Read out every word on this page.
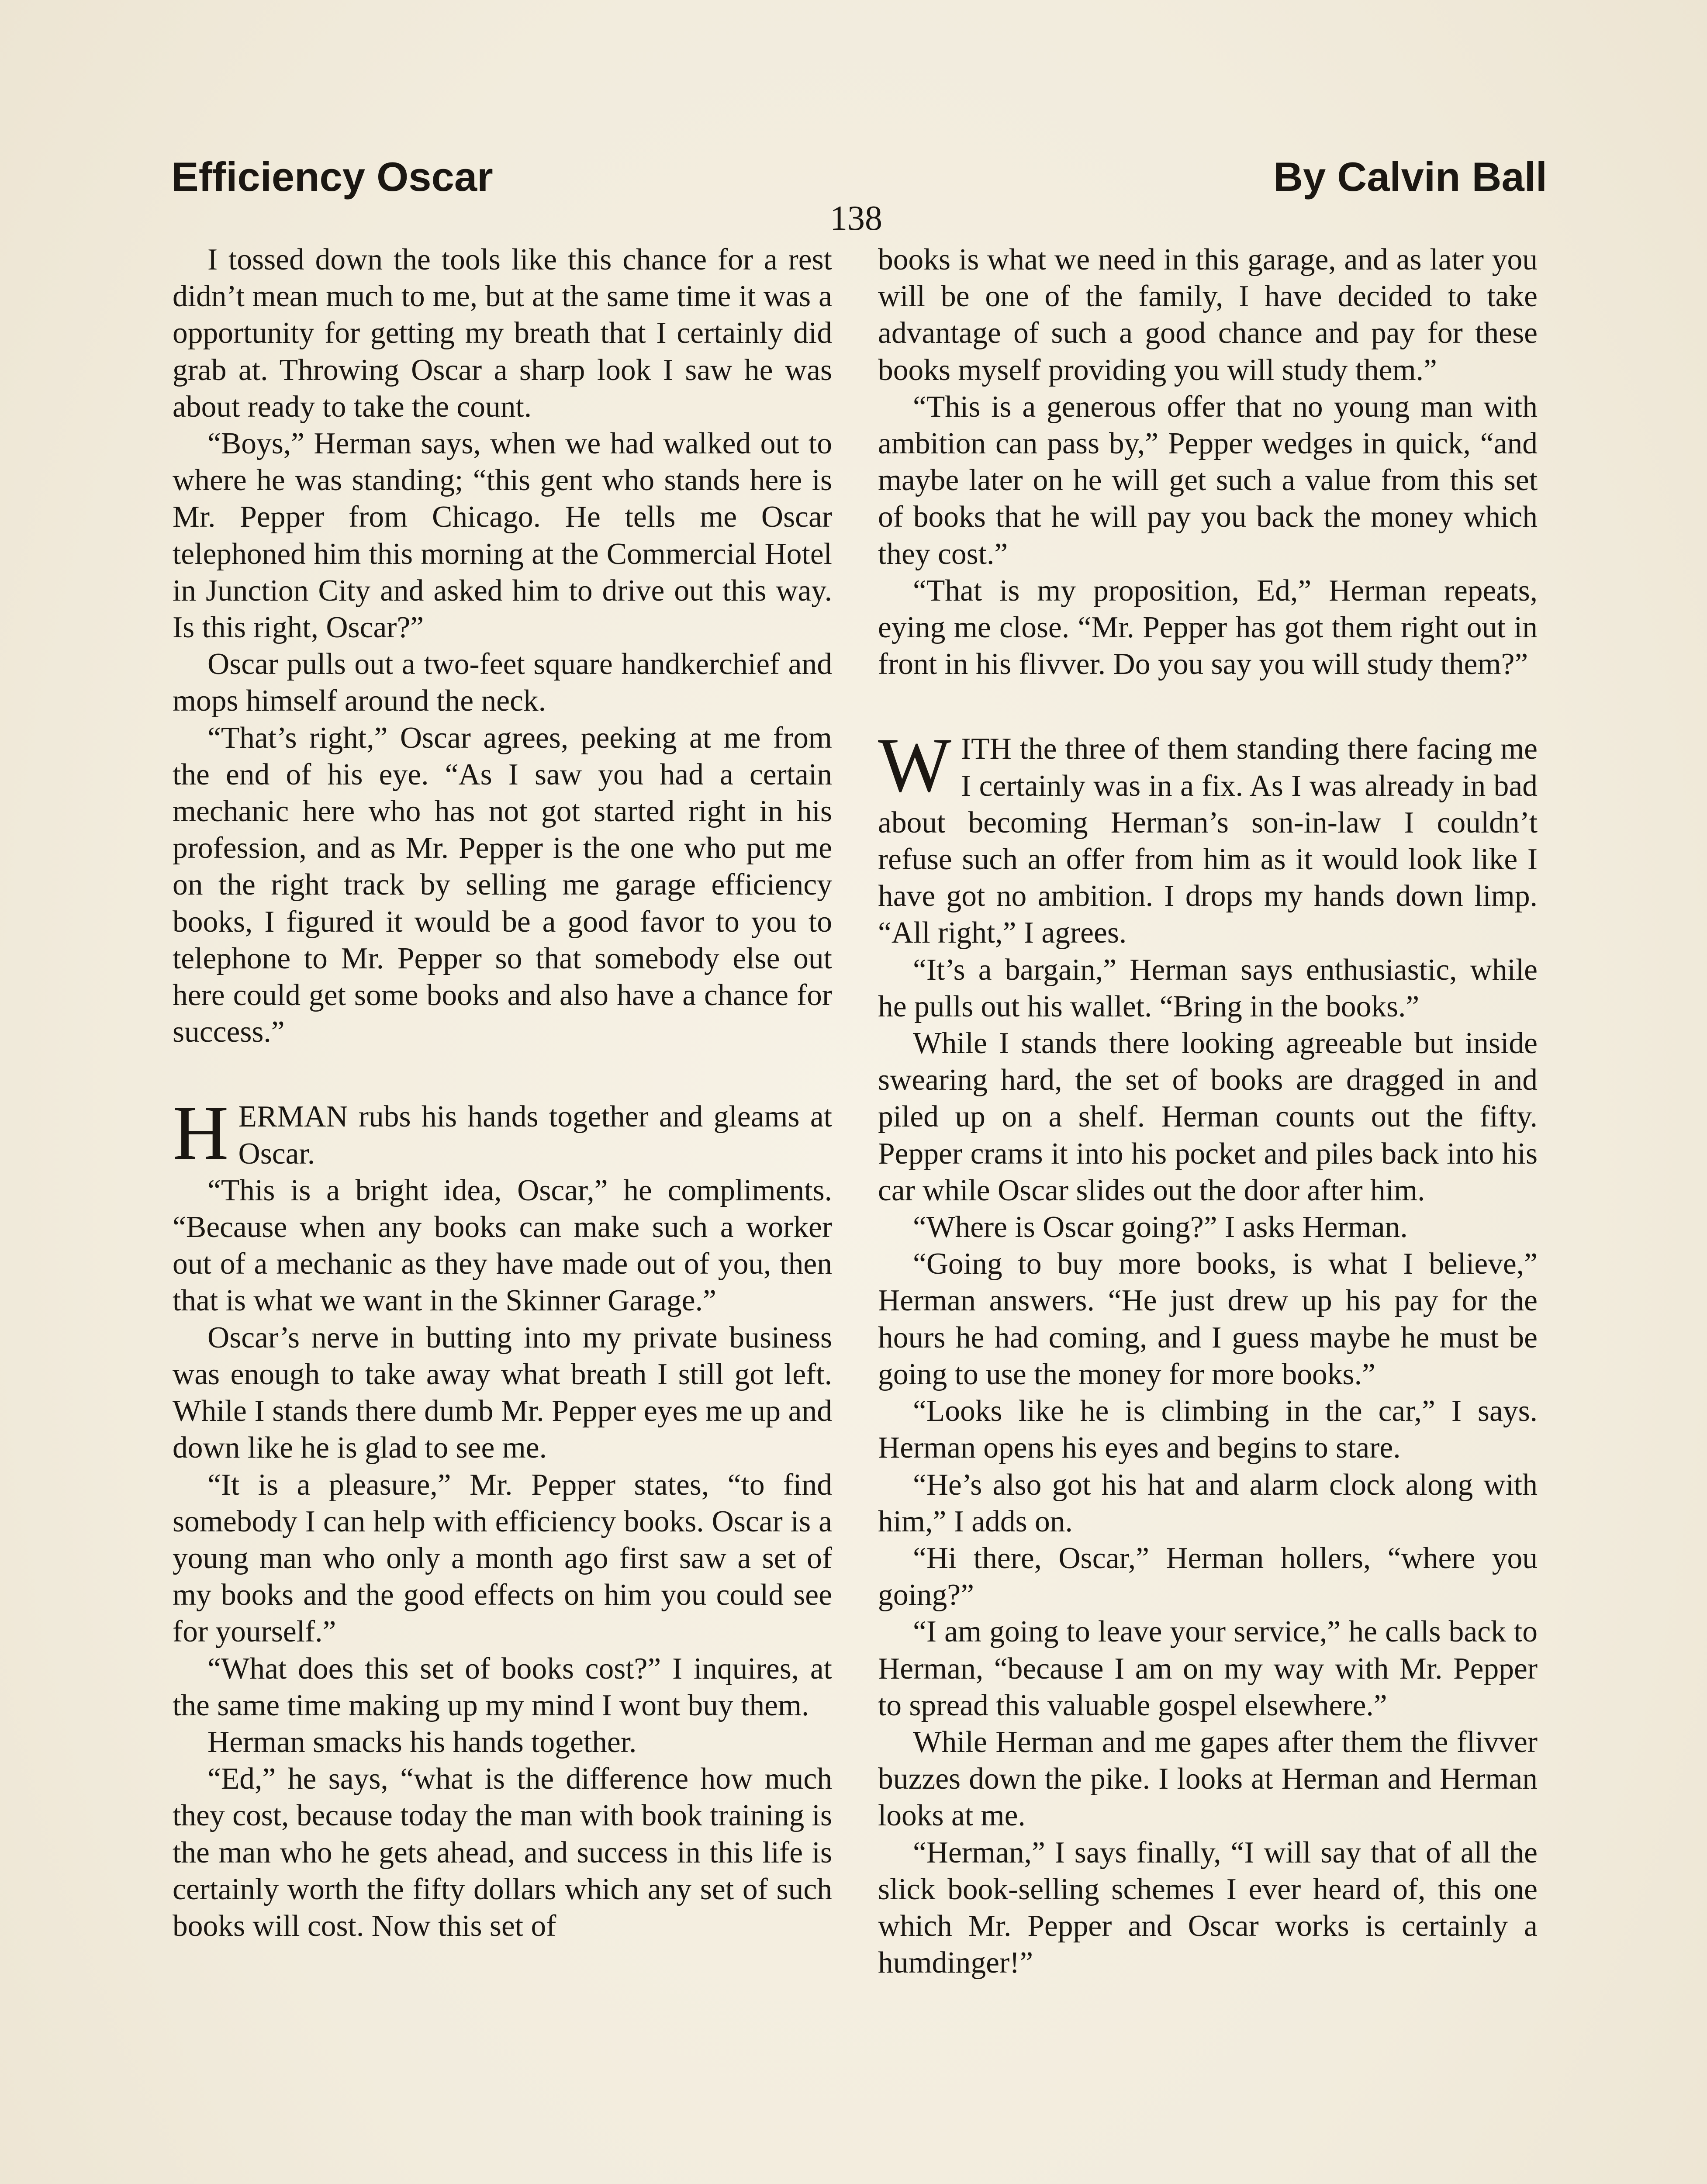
Efficiency Oscar	By Calvin Ball
138

I tossed down the tools like this chance for a rest didn’t mean much to me, but at the same time it was a opportunity for getting my breath that I certainly did grab at. Throwing Oscar a sharp look I saw he was about ready to take the count.

“Boys,” Herman says, when we had walked out to where he was standing; “this gent who stands here is Mr. Pepper from Chicago. He tells me Oscar telephoned him this morning at the Commercial Hotel in Junction City and asked him to drive out this way. Is this right, Oscar?”

Oscar pulls out a two-feet square handkerchief and mops himself around the neck.

“That’s right,” Oscar agrees, peeking at me from the end of his eye. “As I saw you had a certain mechanic here who has not got started right in his profession, and as Mr. Pepper is the one who put me on the right track by selling me garage efficiency books, I figured it would be a good favor to you to telephone to Mr. Pepper so that somebody else out here could get some books and also have a chance for success.”

HERMAN rubs his hands together and gleams at Oscar.

“This is a bright idea, Oscar,” he compliments. “Because when any books can make such a worker out of a mechanic as they have made out of you, then that is what we want in the Skinner Garage.”

Oscar’s nerve in butting into my private business was enough to take away what breath I still got left. While I stands there dumb Mr. Pepper eyes me up and down like he is glad to see me.

“It is a pleasure,” Mr. Pepper states, “to find somebody I can help with efficiency books. Oscar is a young man who only a month ago first saw a set of my books and the good effects on him you could see for yourself.”

“What does this set of books cost?” I inquires, at the same time making up my mind I wont buy them.

Herman smacks his hands together.

“Ed,” he says, “what is the difference how much they cost, because today the man with book training is the man who he gets ahead, and success in this life is certainly worth the fifty dollars which any set of such books will cost. Now this set of

books is what we need in this garage, and as later you will be one of the family, I have decided to take advantage of such a good chance and pay for these books myself providing you will study them.”

“This is a generous offer that no young man with ambition can pass by,” Pepper wedges in quick, “and maybe later on he will get such a value from this set of books that he will pay you back the money which they cost.”

“That is my proposition, Ed,” Herman repeats, eying me close. “Mr. Pepper has got them right out in front in his flivver. Do you say you will study them?”

WITH the three of them standing there facing me I certainly was in a fix. As I was already in bad about becoming Herman’s son-in-law I couldn’t refuse such an offer from him as it would look like I have got no ambition. I drops my hands down limp. “All right,” I agrees.

“It’s a bargain,” Herman says enthusiastic, while he pulls out his wallet. “Bring in the books.”

While I stands there looking agreeable but inside swearing hard, the set of books are dragged in and piled up on a shelf. Herman counts out the fifty. Pepper crams it into his pocket and piles back into his car while Oscar slides out the door after him.

“Where is Oscar going?” I asks Herman.

“Going to buy more books, is what I believe,” Herman answers. “He just drew up his pay for the hours he had coming, and I guess maybe he must be going to use the money for more books.”

“Looks like he is climbing in the car,” I says. Herman opens his eyes and begins to stare.

“He’s also got his hat and alarm clock along with him,” I adds on.

“Hi there, Oscar,” Herman hollers, “where you going?”

“I am going to leave your service,” he calls back to Herman, “because I am on my way with Mr. Pepper to spread this valuable gospel elsewhere.”

While Herman and me gapes after them the flivver buzzes down the pike. I looks at Herman and Herman looks at me.

“Herman,” I says finally, “I will say that of all the slick book-selling schemes I ever heard of, this one which Mr. Pepper and Oscar works is certainly a humdinger!”
